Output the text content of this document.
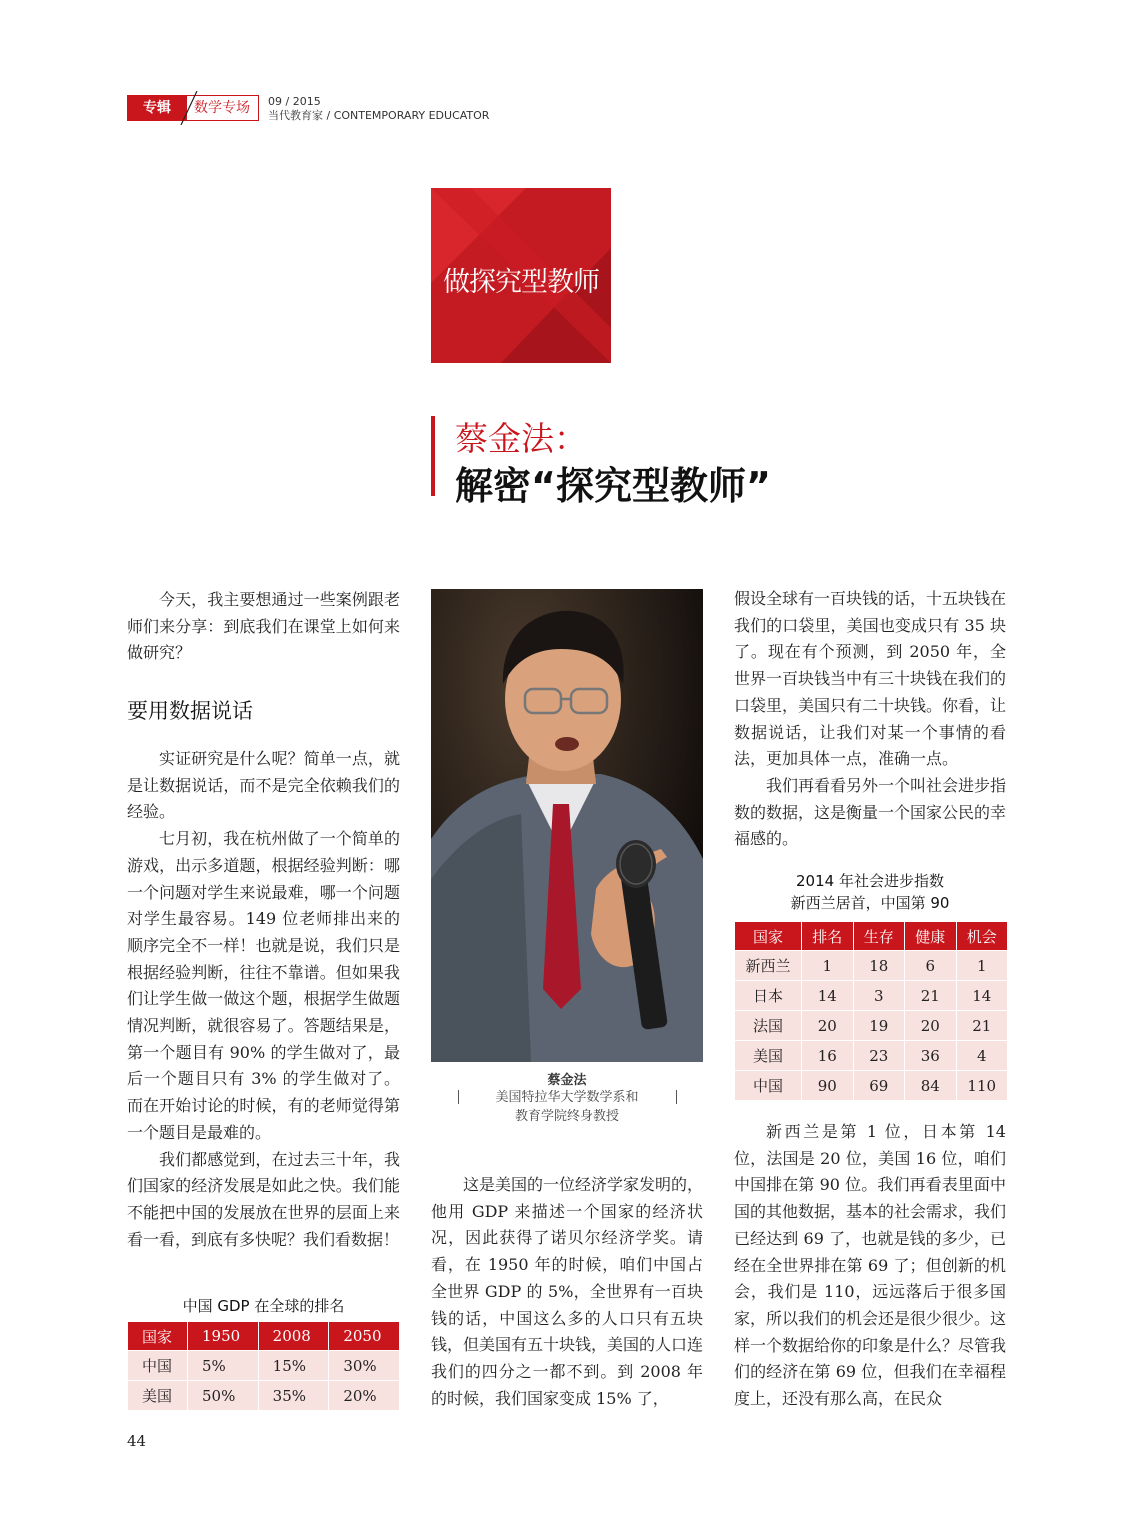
专辑	数学专场 09 / 2015
当代教育家 / CONTEMPORARY EDUCATOR
做探究型教师
蔡金法：
解密“探究型教师”

今天，我主要想通过一些案例跟老师们来分享：到底我们在课堂上如何来做研究？

要用数据说话

实证研究是什么呢？简单一点，就是让数据说话，而不是完全依赖我们的经验。

七月初，我在杭州做了一个简单的游戏，出示多道题，根据经验判断：哪一个问题对学生来说最难，哪一个问题对学生最容易。149 位老师排出来的顺序完全不一样！也就是说，我们只是根据经验判断，往往不靠谱。但如果我们让学生做一做这个题，根据学生做题情况判断，就很容易了。答题结果是，第一个题目有 90% 的学生做对了，最后一个题目只有 3% 的学生做对了。而在开始讨论的时候，有的老师觉得第一个题目是最难的。

我们都感觉到，在过去三十年，我们国家的经济发展是如此之快。我们能不能把中国的发展放在世界的层面上来看一看，到底有多快呢？我们看数据！

中国 GDP 在全球的排名
国家	1950	2008	2050
中国	5%	15%	30%
美国	50%	35%	20%
蔡金法
美国特拉华大学数学系和
教育学院终身教授

这是美国的一位经济学家发明的，他用 GDP 来描述一个国家的经济状况，因此获得了诺贝尔经济学奖。请看，在 1950 年的时候，咱们中国占全世界 GDP 的 5%，全世界有一百块钱的话，中国这么多的人口只有五块钱，但美国有五十块钱，美国的人口连我们的四分之一都不到。到 2008 年的时候，我们国家变成 15% 了，

假设全球有一百块钱的话，十五块钱在我们的口袋里，美国也变成只有 35 块了。现在有个预测，到 2050 年，全世界一百块钱当中有三十块钱在我们的口袋里，美国只有二十块钱。你看，让数据说话，让我们对某一个事情的看法，更加具体一点，准确一点。

我们再看看另外一个叫社会进步指数的数据，这是衡量一个国家公民的幸福感的。

2014 年社会进步指数
新西兰居首，中国第 90
国家	排名	生存	健康	机会
新西兰	1	18	6	1
日本	14	3	21	14
法国	20	19	20	21
美国	16	23	36	4
中国	90	69	84	110

新西兰是第 1 位，日本第 14 位，法国是 20 位，美国 16 位，咱们中国排在第 90 位。我们再看表里面中国的其他数据，基本的社会需求，我们已经达到 69 了，也就是钱的多少，已经在全世界排在第 69 了；但创新的机会，我们是 110，远远落后于很多国家，所以我们的机会还是很少很少。这样一个数据给你的印象是什么？尽管我们的经济在第 69 位，但我们在幸福程度上，还没有那么高，在民众

44
